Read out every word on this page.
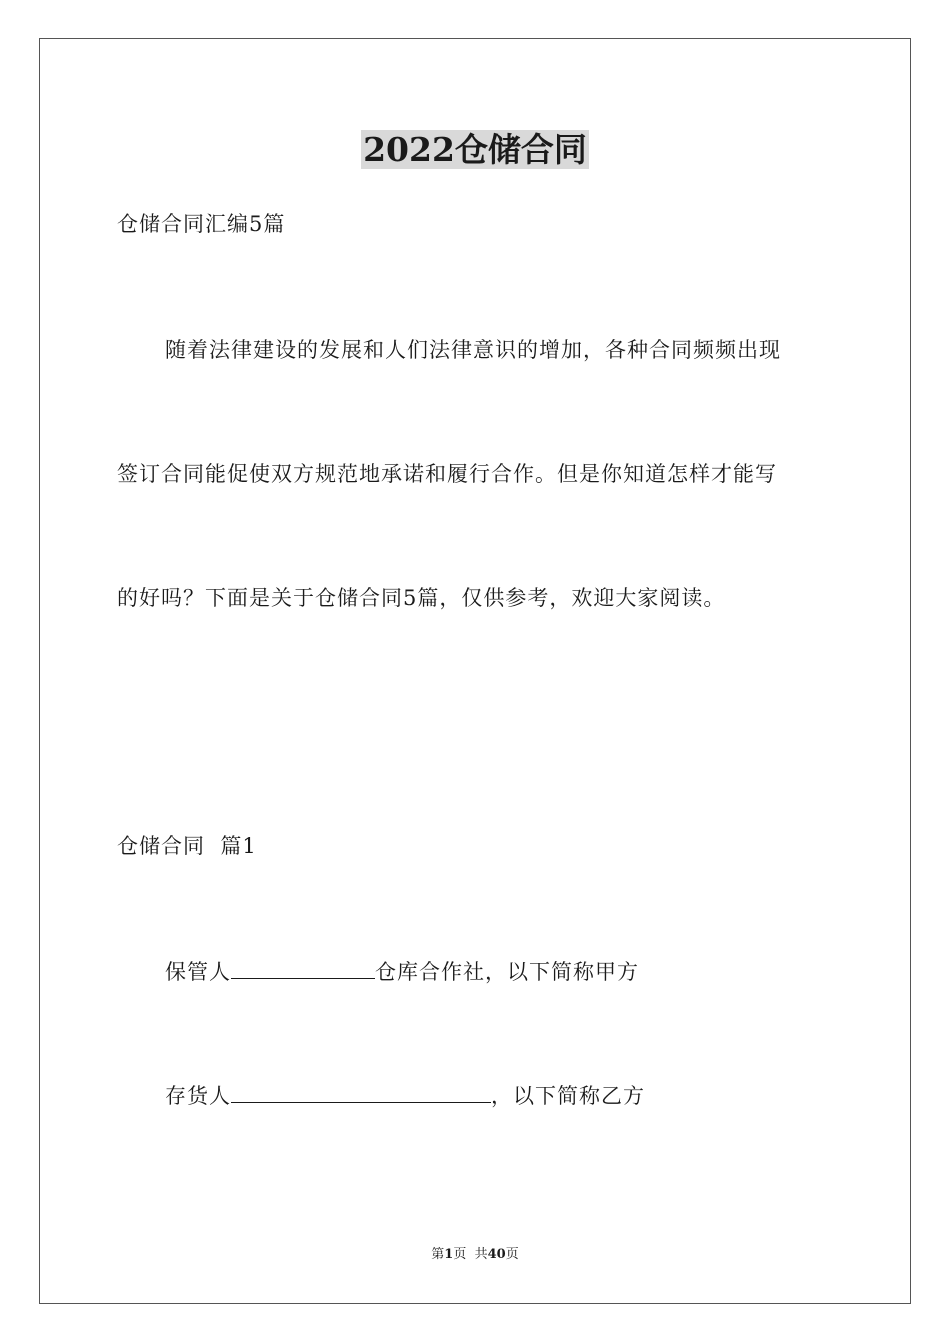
2022仓储合同
仓储合同汇编5篇
随着法律建设的发展和人们法律意识的增加，各种合同频频出现
签订合同能促使双方规范地承诺和履行合作。但是你知道怎样才能写
的好吗？下面是关于仓储合同5篇，仅供参考，欢迎大家阅读。
仓储合同  篇1
保管人	仓库合作社，以下简称甲方
存货人	，以下简称乙方
第1页  共40页
